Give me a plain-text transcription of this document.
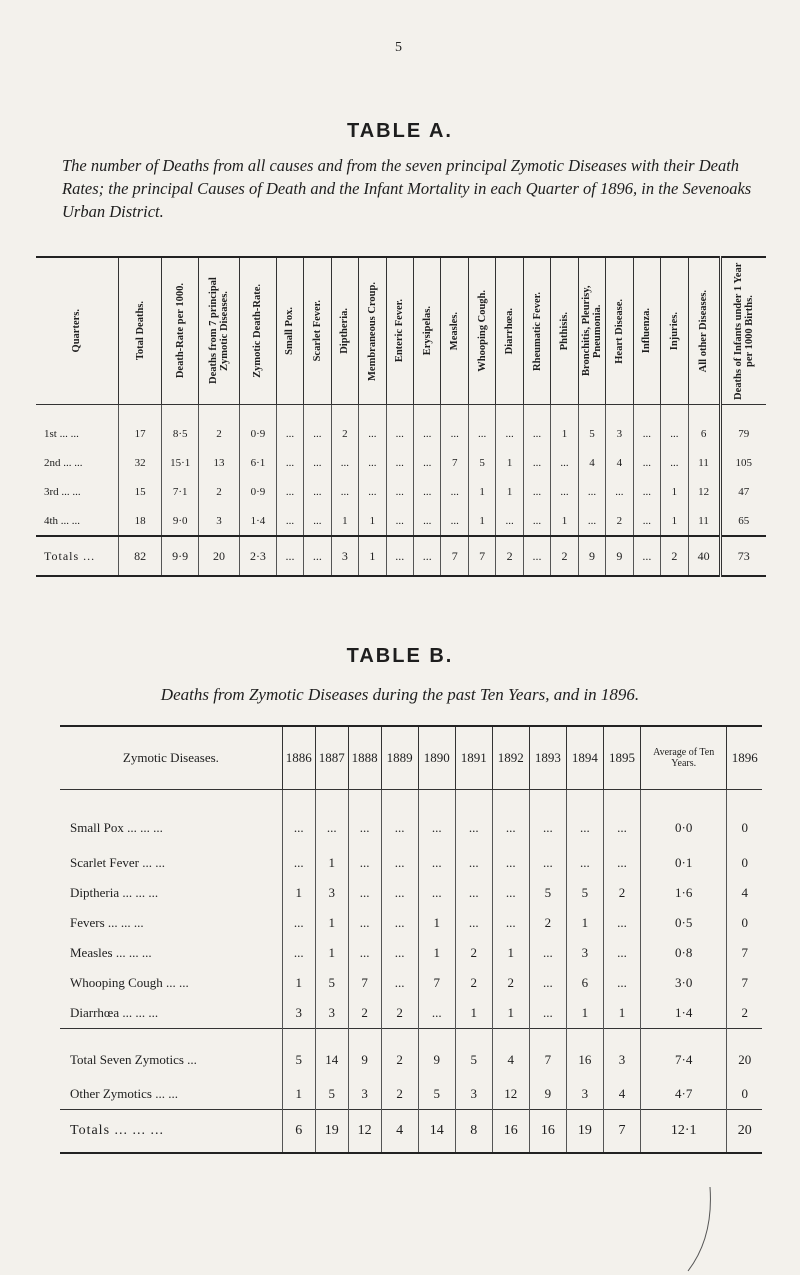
5
TABLE A.
The number of Deaths from all causes and from the seven principal Zymotic Diseases with their Death Rates; the principal Causes of Death and the Infant Mortality in each Quarter of 1896, in the Sevenoaks Urban District.
Quarters.	Total Deaths.	Death-Rate per 1000.	Deaths from 7 principal Zymotic Diseases.	Zymotic Death-Rate.	Small Pox.	Scarlet Fever.	Diptheria.	Membraneous Croup.	Enteric Fever.	Erysipelas.	Measles.	Whooping Cough.	Diarrhœa.	Rheumatic Fever.	Phthisis.	Bronchitis, Pleurisy, Pneumonia.	Heart Disease.	Influenza.	Injuries.	All other Diseases.	Deaths of Infants under 1 Year per 1000 Births.

1st ... ...	17	8·5	2	0·9	...	...	2	...	...	...	...	...	...	...	1	5	3	...	...	6	79
2nd ... ...	32	15·1	13	6·1	...	...	...	...	...	...	7	5	1	...	...	4	4	...	...	11	105
3rd ... ...	15	7·1	2	0·9	...	...	...	...	...	...	...	1	1	...	...	...	...	...	1	12	47
4th ... ...	18	9·0	3	1·4	...	...	1	1	...	...	...	1	...	...	1	...	2	...	1	11	65
Totals ...	82	9·9	20	2·3	...	...	3	1	...	...	7	7	2	...	2	9	9	...	2	40	73
TABLE B.
Deaths from Zymotic Diseases during the past Ten Years, and in 1896.
Zymotic Diseases.	1886	1887	1888	1889	1890	1891	1892	1893	1894	1895	Average of Ten Years.	1896
Small Pox ... ... ...	...	...	...	...	...	...	...	...	...	...	0·0	0
Scarlet Fever ... ...	...	1	...	...	...	...	...	...	...	...	0·1	0
Diptheria ... ... ...	1	3	...	...	...	...	...	5	5	2	1·6	4
Fevers ... ... ...	...	1	...	...	1	...	...	2	1	...	0·5	0
Measles ... ... ...	...	1	...	...	1	2	1	...	3	...	0·8	7
Whooping Cough ... ...	1	5	7	...	7	2	2	...	6	...	3·0	7
Diarrhœa ... ... ...	3	3	2	2	...	1	1	...	1	1	1·4	2
Total Seven Zymotics ...	5	14	9	2	9	5	4	7	16	3	7·4	20
Other Zymotics ... ...	1	5	3	2	5	3	12	9	3	4	4·7	0
Totals ... ... ...	6	19	12	4	14	8	16	16	19	7	12·1	20
